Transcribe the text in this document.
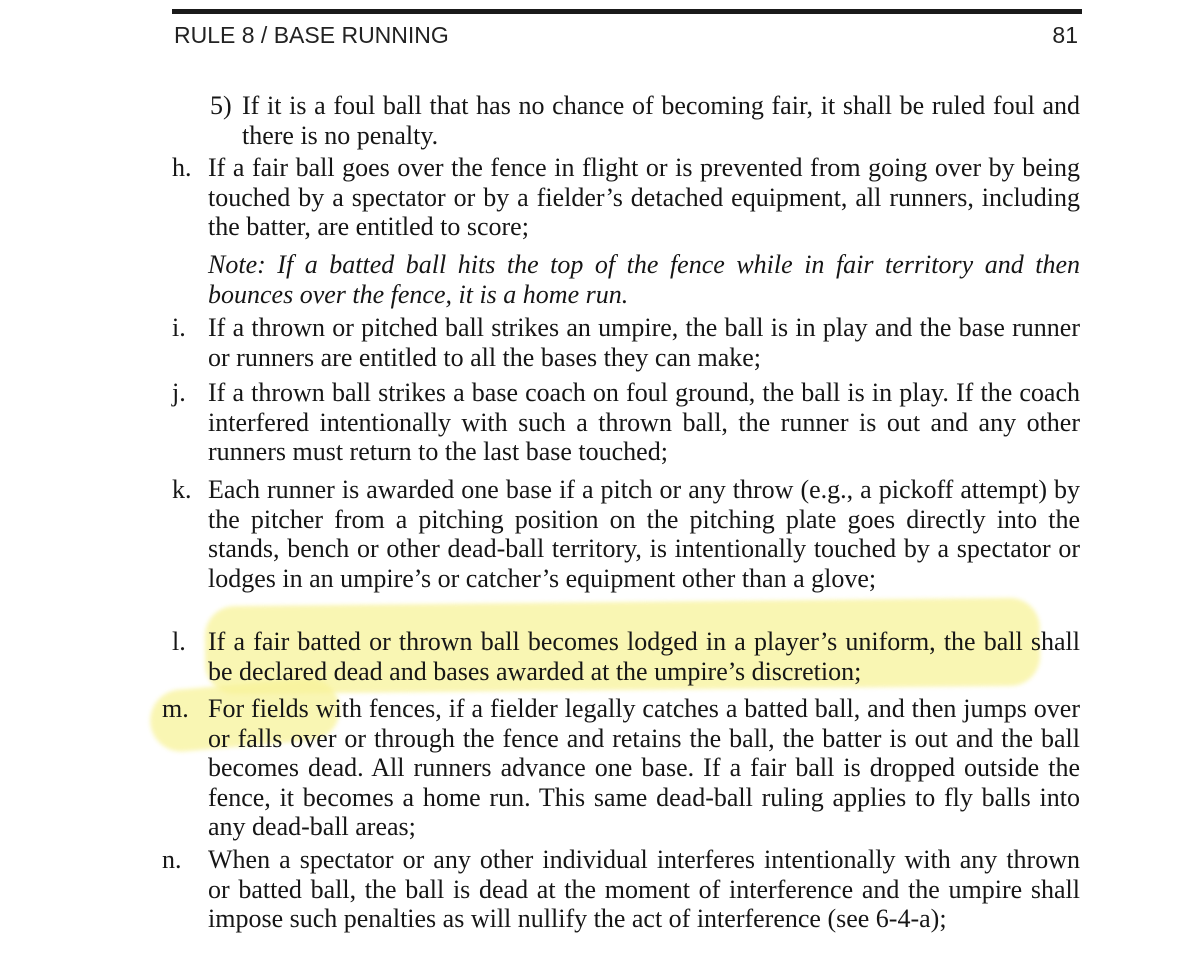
RULE 8 / BASE RUNNING	81
5) If it is a foul ball that has no chance of becoming fair, it shall be ruled foul and there is no penalty.
h. If a fair ball goes over the fence in flight or is prevented from going over by being touched by a spectator or by a fielder’s detached equipment, all runners, including the batter, are entitled to score;
Note: If a batted ball hits the top of the fence while in fair territory and then bounces over the fence, it is a home run.
i. If a thrown or pitched ball strikes an umpire, the ball is in play and the base runner or runners are entitled to all the bases they can make;
j. If a thrown ball strikes a base coach on foul ground, the ball is in play. If the coach interfered intentionally with such a thrown ball, the runner is out and any other runners must return to the last base touched;
k. Each runner is awarded one base if a pitch or any throw (e.g., a pickoff attempt) by the pitcher from a pitching position on the pitching plate goes directly into the stands, bench or other dead-ball territory, is intentionally touched by a spectator or lodges in an umpire’s or catcher’s equipment other than a glove;
l. If a fair batted or thrown ball becomes lodged in a player’s uniform, the ball shall be declared dead and bases awarded at the umpire’s discretion;
m. For fields with fences, if a fielder legally catches a batted ball, and then jumps over or falls over or through the fence and retains the ball, the batter is out and the ball becomes dead. All runners advance one base. If a fair ball is dropped outside the fence, it becomes a home run. This same dead-ball ruling applies to fly balls into any dead-ball areas;
n. When a spectator or any other individual interferes intentionally with any thrown or batted ball, the ball is dead at the moment of interference and the umpire shall impose such penalties as will nullify the act of interference (see 6-4-a);
